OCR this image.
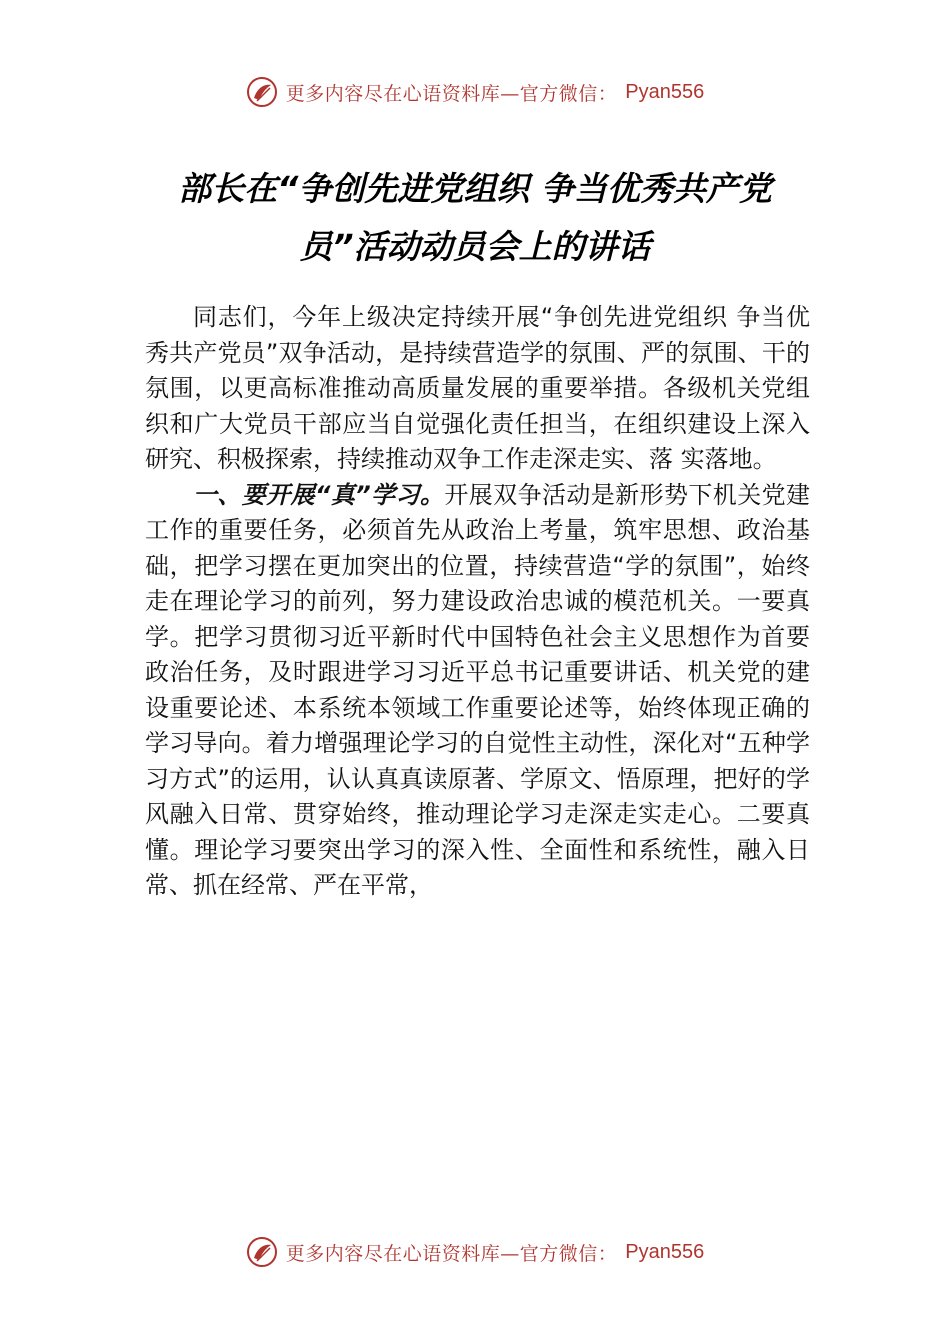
更多内容尽在心语资料库—官方微信： Pyan556
部长在“争创先进党组织 争当优秀共产党
员”活动动员会上的讲话

同志们，今年上级决定持续开展“争创先进党组织 争当优秀共产党员”双争活动，是持续营造学的氛围、严的氛围、干的氛围，以更高标准推动高质量发展的重要举措。各级机关党组织和广大党员干部应当自觉强化责任担当，在组织建设上深入研究、积极探索，持续推动双争工作走深走实、落 实落地。

一、要开展“真”学习。开展双争活动是新形势下机关党建工作的重要任务，必须首先从政治上考量，筑牢思想、政治基础，把学习摆在更加突出的位置，持续营造“学的氛围”，始终走在理论学习的前列，努力建设政治忠诚的模范机关。一要真学。把学习贯彻习近平新时代中国特色社会主义思想作为首要政治任务，及时跟进学习习近平总书记重要讲话、机关党的建设重要论述、本系统本领域工作重要论述等，始终体现正确的学习导向。着力增强理论学习的自觉性主动性，深化对“五种学习方式”的运用，认认真真读原著、学原文、悟原理，把好的学风融入日常、贯穿始终，推动理论学习走深走实走心。二要真懂。理论学习要突出学习的深入性、全面性和系统性，融入日常、抓在经常、严在平常，

更多内容尽在心语资料库—官方微信： Pyan556
